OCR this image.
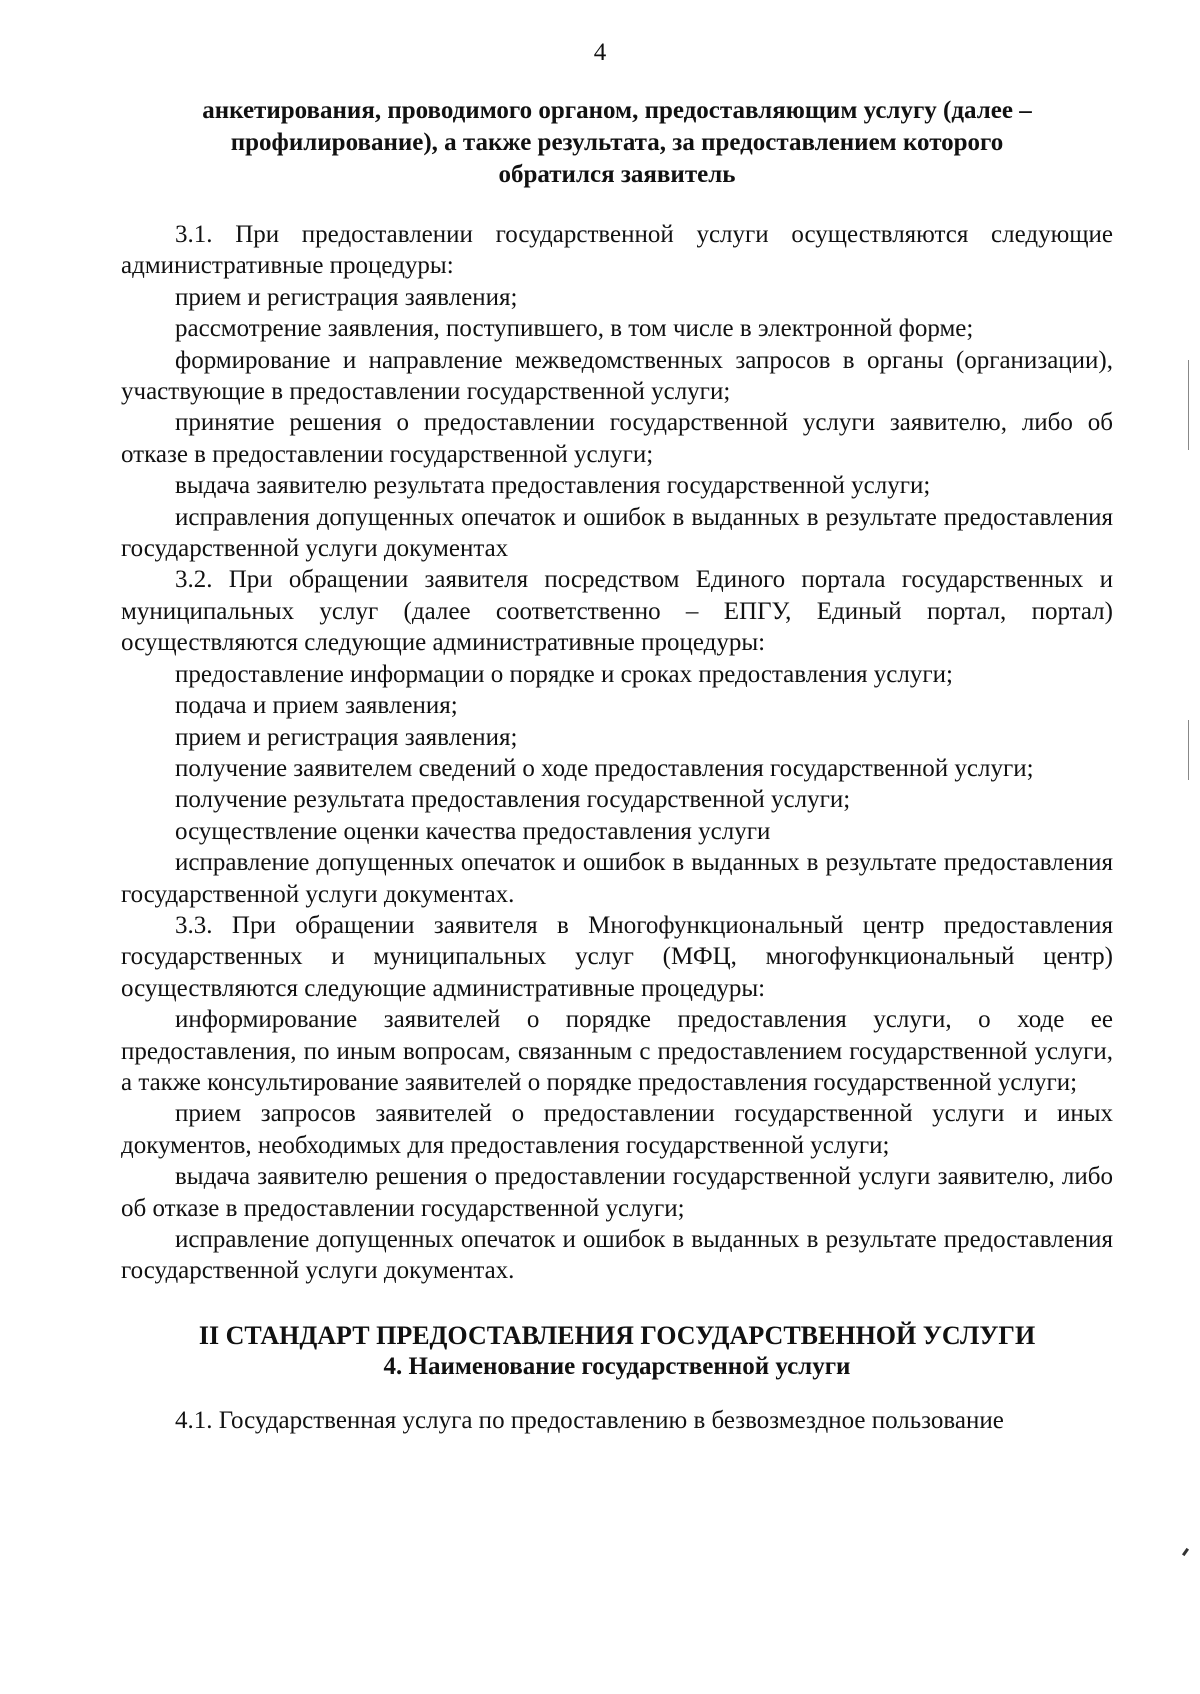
4
анкетирования, проводимого органом, предоставляющим услугу (далее –
профилирование), а также результата, за предоставлением которого
обратился заявитель

3.1. При предоставлении государственной услуги осуществляются следующие административные процедуры:

прием и регистрация заявления;

рассмотрение заявления, поступившего, в том числе в электронной форме;

формирование и направление межведомственных запросов в органы (организации), участвующие в предоставлении государственной услуги;

принятие решения о предоставлении государственной услуги заявителю, либо об отказе в предоставлении государственной услуги;

выдача заявителю результата предоставления государственной услуги;

исправления допущенных опечаток и ошибок в выданных в результате предоставления государственной услуги документах

3.2. При обращении заявителя посредством Единого портала государственных и муниципальных услуг (далее соответственно – ЕПГУ, Единый портал, портал) осуществляются следующие административные процедуры:

предоставление информации о порядке и сроках предоставления услуги;

подача и прием заявления;

прием и регистрация заявления;

получение заявителем сведений о ходе предоставления государственной услуги;

получение результата предоставления государственной услуги;

осуществление оценки качества предоставления услуги

исправление допущенных опечаток и ошибок в выданных в результате предоставления государственной услуги документах.

3.3. При обращении заявителя в Многофункциональный центр предоставления государственных и муниципальных услуг (МФЦ, многофункциональный центр) осуществляются следующие административные процедуры:

информирование заявителей о порядке предоставления услуги, о ходе ее предоставления, по иным вопросам, связанным с предоставлением государственной услуги, а также консультирование заявителей о порядке предоставления государственной услуги;

прием запросов заявителей о предоставлении государственной услуги и иных документов, необходимых для предоставления государственной услуги;

выдача заявителю решения о предоставлении государственной услуги заявителю, либо об отказе в предоставлении государственной услуги;

исправление допущенных опечаток и ошибок в выданных в результате предоставления государственной услуги документах.

II СТАНДАРТ ПРЕДОСТАВЛЕНИЯ ГОСУДАРСТВЕННОЙ УСЛУГИ
4. Наименование государственной услуги

4.1. Государственная услуга по предоставлению в безвозмездное пользование
